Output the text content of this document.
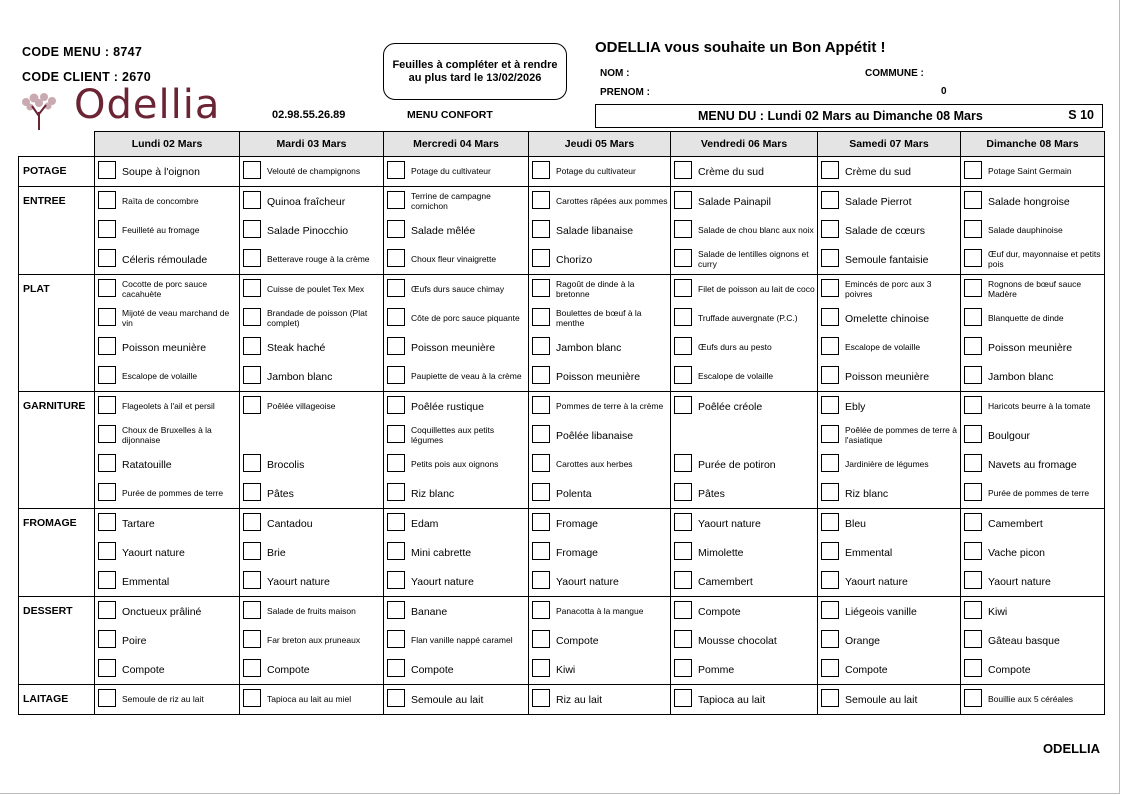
CODE MENU : 8747
CODE CLIENT : 2670
Odellia	02.98.55.26.89	MENU CONFORT
Feuilles à compléter et à rendre
au plus tard le 13/02/2026
ODELLIA vous souhaite un Bon Appétit !
NOM :
PRENOM :
COMMUNE :
0
MENU DU : Lundi 02 Mars au Dimanche 08 Mars	S 10
	Lundi 02 Mars	Mardi 03 Mars	Mercredi 04 Mars	Jeudi 05 Mars	Vendredi 06 Mars	Samedi 07 Mars	Dimanche 08 Mars
POTAGE	Soupe à l'oignon	Velouté de champignons	Potage du cultivateur	Potage du cultivateur	Crème du sud	Crème du sud	Potage Saint Germain

ENTREE	Raïta de concombre	Quinoa fraîcheur	Terrine de campagne cornichon	Carottes râpées aux pommes	Salade Painapil	Salade Pierrot	Salade hongroise

Feuilleté au fromage	Salade Pinocchio	Salade mêlée	Salade libanaise	Salade de chou blanc aux noix	Salade de cœurs	Salade dauphinoise

Céleris rémoulade	Betterave rouge à la crème	Choux fleur vinaigrette	Chorizo	Salade de lentilles oignons et curry	Semoule fantaisie	Œuf dur, mayonnaise et petits pois

PLAT	Cocotte de porc sauce cacahuète	Cuisse de poulet Tex Mex	Œufs durs sauce chimay	Ragoût de dinde à la bretonne	Filet de poisson au lait de coco	Emincés de porc aux 3 poivres	Rognons de bœuf sauce Madère

Mijoté de veau marchand de vin	Brandade de poisson (Plat complet)	Côte de porc sauce piquante	Boulettes de bœuf à la menthe	Truffade auvergnate (P.C.)	Omelette chinoise	Blanquette de dinde

Poisson meunière	Steak haché	Poisson meunière	Jambon blanc	Œufs durs au pesto	Escalope de volaille	Poisson meunière

Escalope de volaille	Jambon blanc	Paupiette de veau à la crème	Poisson meunière	Escalope de volaille	Poisson meunière	Jambon blanc

GARNITURE	Flageolets à l'ail et persil	Poêlée villageoise	Poêlée rustique	Pommes de terre à la crème	Poêlée créole	Ebly	Haricots beurre à la tomate

Choux de Bruxelles à la dijonnaise		Coquillettes aux petits légumes	Poêlée libanaise		Poêlée de pommes de terre à l'asiatique	Boulgour

Ratatouille	Brocolis	Petits pois aux oignons	Carottes aux herbes	Purée de potiron	Jardinière de légumes	Navets au fromage

Purée de pommes de terre	Pâtes	Riz blanc	Polenta	Pâtes	Riz blanc	Purée de pommes de terre

FROMAGE	Tartare	Cantadou	Edam	Fromage	Yaourt nature	Bleu	Camembert

Yaourt nature	Brie	Mini cabrette	Fromage	Mimolette	Emmental	Vache picon

Emmental	Yaourt nature	Yaourt nature	Yaourt nature	Camembert	Yaourt nature	Yaourt nature

DESSERT	Onctueux prâliné	Salade de fruits maison	Banane	Panacotta à la mangue	Compote	Liégeois vanille	Kiwi

Poire	Far breton aux pruneaux	Flan vanille nappé caramel	Compote	Mousse chocolat	Orange	Gâteau basque

Compote	Compote	Compote	Kiwi	Pomme	Compote	Compote

LAITAGE	Semoule de riz au lait	Tapioca au lait au miel	Semoule au lait	Riz au lait	Tapioca au lait	Semoule au lait	Bouillie aux 5 céréales
ODELLIA
